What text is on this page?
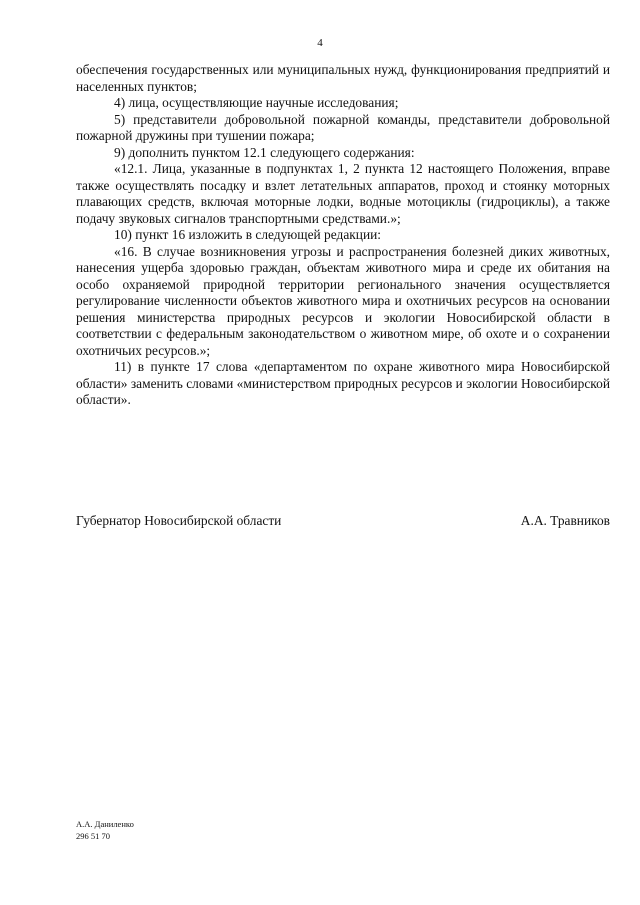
4

обеспечения государственных или муниципальных нужд, функционирования предприятий и населенных пунктов;

4) лица, осуществляющие научные исследования;

5) представители добровольной пожарной команды, представители добровольной пожарной дружины при тушении пожара;

9) дополнить пунктом 12.1 следующего содержания:

«12.1. Лица, указанные в подпунктах 1, 2 пункта 12 настоящего Положения, вправе также осуществлять посадку и взлет летательных аппаратов, проход и стоянку моторных плавающих средств, включая моторные лодки, водные мотоциклы (гидроциклы), а также подачу звуковых сигналов транспортными средствами.»;

10) пункт 16 изложить в следующей редакции:

«16. В случае возникновения угрозы и распространения болезней диких животных, нанесения ущерба здоровью граждан, объектам животного мира и среде их обитания на особо охраняемой природной территории регионального значения осуществляется регулирование численности объектов животного мира и охотничьих ресурсов на основании решения министерства природных ресурсов и экологии Новосибирской области в соответствии с федеральным законодательством о животном мире, об охоте и о сохранении охотничьих ресурсов.»;

11) в пункте 17 слова «департаментом по охране животного мира Новосибирской области» заменить словами «министерством природных ресурсов и экологии Новосибирской области».

Губернатор Новосибирской области	А.А. Травников
А.А. Даниленко
296 51 70
